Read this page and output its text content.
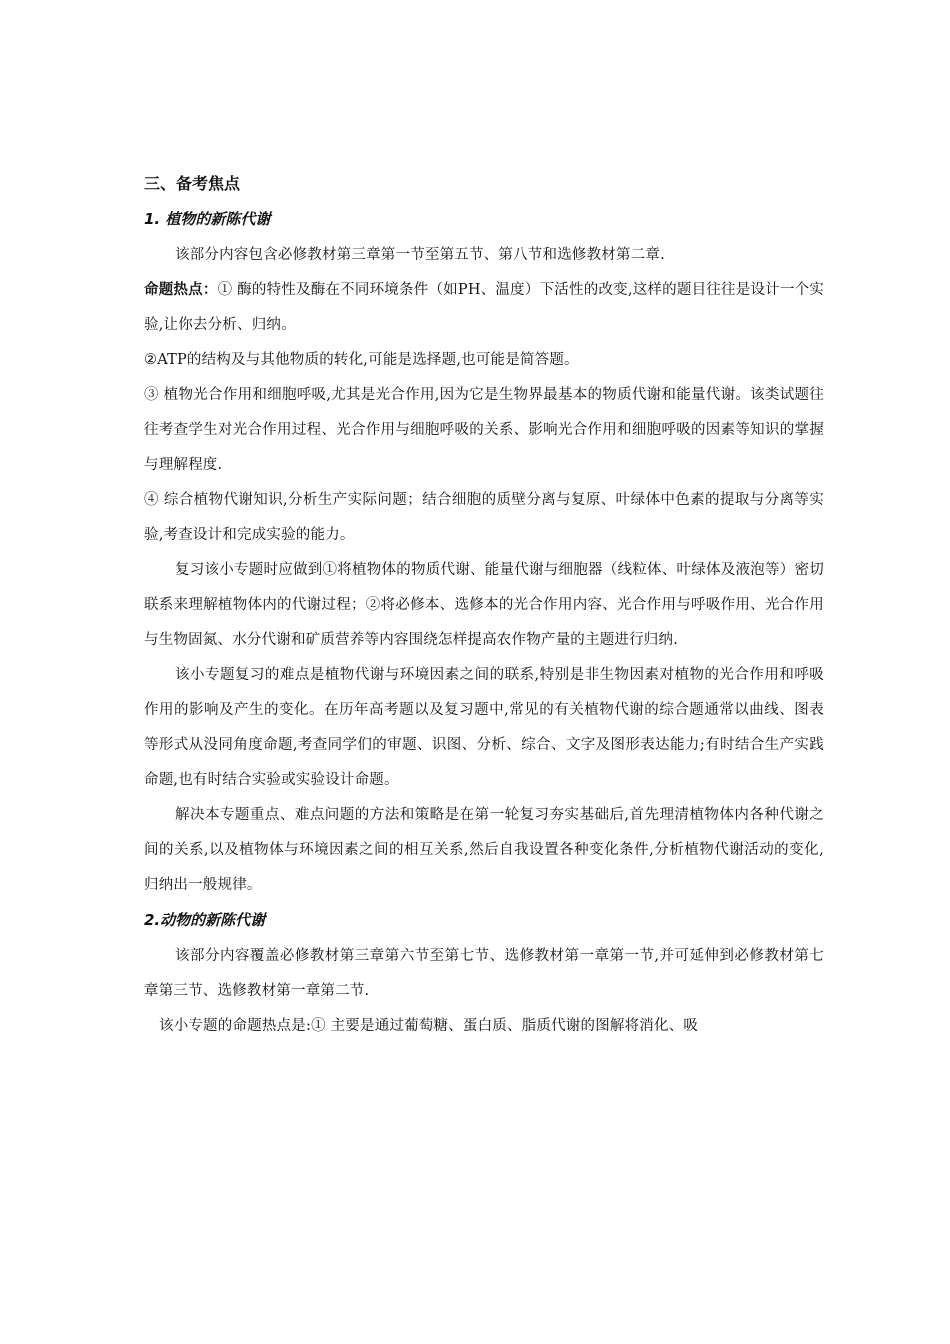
三、备考焦点
1. 植物的新陈代谢

该部分内容包含必修教材第三章第一节至第五节、第八节和选修教材第二章.

命题热点：① 酶的特性及酶在不同环境条件（如PH、温度）下活性的改变,这样的题目往往是设计一个实验,让你去分析、归纳。

②ATP的结构及与其他物质的转化,可能是选择题,也可能是简答题。

③ 植物光合作用和细胞呼吸,尤其是光合作用,因为它是生物界最基本的物质代谢和能量代谢。该类试题往往考查学生对光合作用过程、光合作用与细胞呼吸的关系、影响光合作用和细胞呼吸的因素等知识的掌握与理解程度.

④ 综合植物代谢知识,分析生产实际问题；结合细胞的质壁分离与复原、叶绿体中色素的提取与分离等实验,考查设计和完成实验的能力。

复习该小专题时应做到①将植物体的物质代谢、能量代谢与细胞器（线粒体、叶绿体及液泡等）密切联系来理解植物体内的代谢过程；②将必修本、选修本的光合作用内容、光合作用与呼吸作用、光合作用与生物固氮、水分代谢和矿质营养等内容围绕怎样提高农作物产量的主题进行归纳.

该小专题复习的难点是植物代谢与环境因素之间的联系,特别是非生物因素对植物的光合作用和呼吸作用的影响及产生的变化。在历年高考题以及复习题中,常见的有关植物代谢的综合题通常以曲线、图表等形式从没同角度命题,考查同学们的审题、识图、分析、综合、文字及图形表达能力;有时结合生产实践命题,也有时结合实验或实验设计命题。

解决本专题重点、难点问题的方法和策略是在第一轮复习夯实基础后,首先理清植物体内各种代谢之间的关系,以及植物体与环境因素之间的相互关系,然后自我设置各种变化条件,分析植物代谢活动的变化,归纳出一般规律。

2.动物的新陈代谢

该部分内容覆盖必修教材第三章第六节至第七节、选修教材第一章第一节,并可延伸到必修教材第七章第三节、选修教材第一章第二节.

该小专题的命题热点是:① 主要是通过葡萄糖、蛋白质、脂质代谢的图解将消化、吸
